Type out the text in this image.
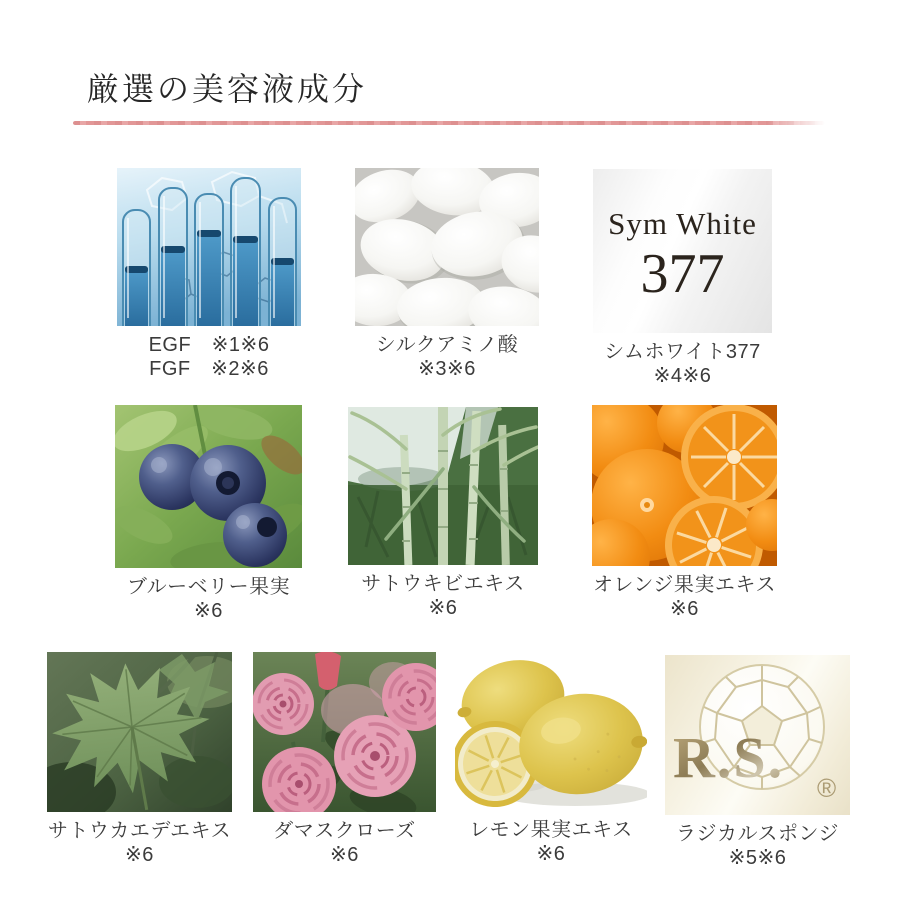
厳選の美容液成分
EGF　※1※6
FGF　※2※6
シルクアミノ酸
※3※6
Sym White
377
シムホワイト377
※4※6
ブルーベリー果実
※6
サトウキビエキス
※6
オレンジ果実エキス
※6
サトウカエデエキス
※6
ダマスクローズ
※6
レモン果実エキス
※6
R.S. ®
ラジカルスポンジ
※5※6
